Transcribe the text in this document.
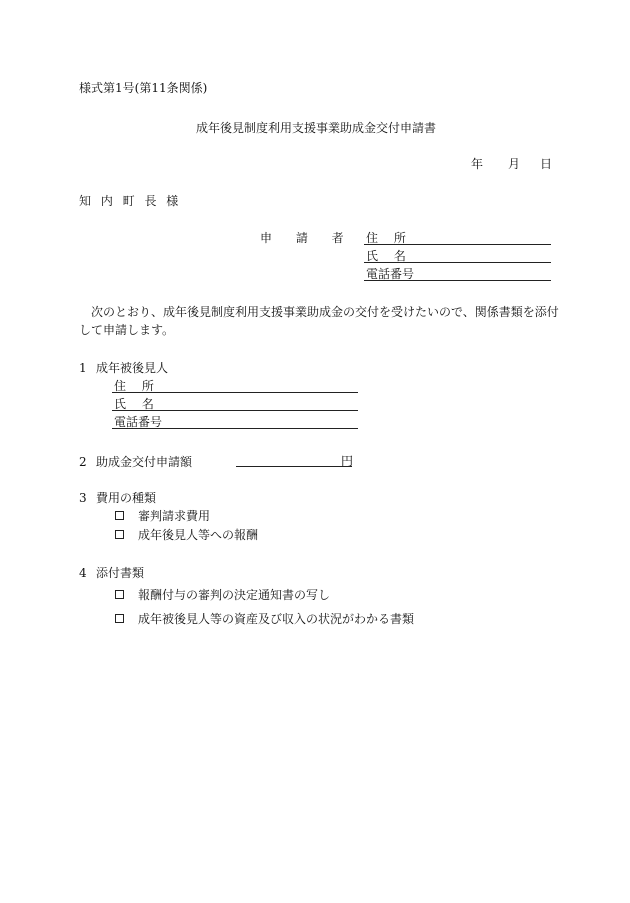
様式第1号(第11条関係)
成年後見制度利用支援事業助成金交付申請書
年 月 日
知 内 町 長 様
申 請 者 住 所
氏 名
電話番号
次のとおり、成年後見制度利用支援事業助成金の交付を受けたいので、関係書類を添付
して申請します。
1 成年被後見人
住 所
氏 名
電話番号
2 助成金交付申請額	円
3 費用の種類
審判請求費用
成年後見人等への報酬
4 添付書類
報酬付与の審判の決定通知書の写し
成年被後見人等の資産及び収入の状況がわかる書類
